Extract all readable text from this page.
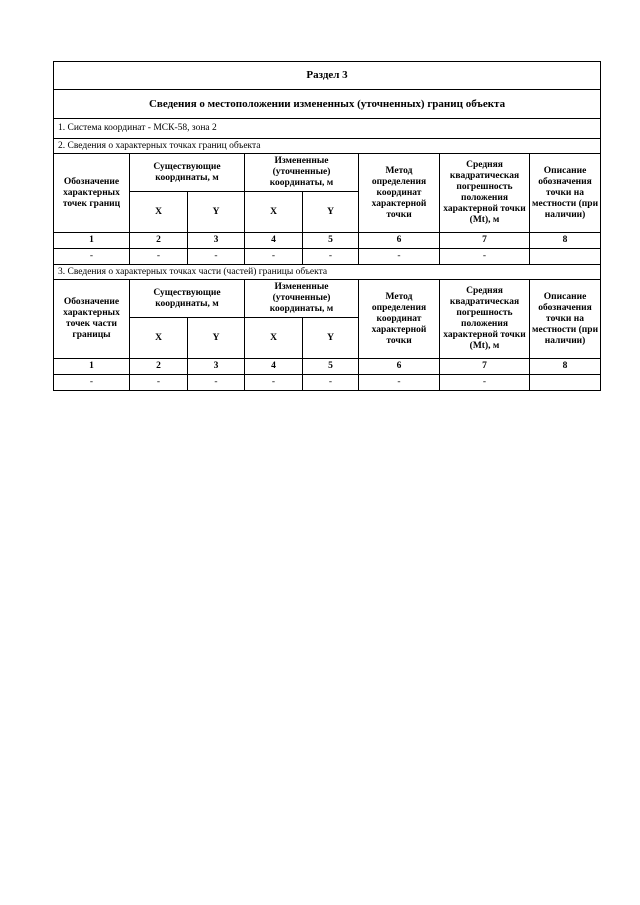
Раздел 3							
Сведения о местоположении измененных (уточненных) границ объекта							
1. Система координат - МСК-58, зона 2							
2. Сведения о характерных точках границ объекта							
Обозначение характерных точек границ	Существующие координаты, м		Измененные (уточненные) координаты, м		Метод определения координат характерной точки	Средняя квадратическая погрешность положения характерной точки (Mt), м	Описание обозначения точки на местности (при наличии)
	X	Y	X	Y			
1	2	3	4	5	6	7	8
-	-	-	-	-	-	-	
3. Сведения о характерных точках части (частей) границы объекта							
Обозначение характерных точек части границы	Существующие координаты, м		Измененные (уточненные) координаты, м		Метод определения координат характерной точки	Средняя квадратическая погрешность положения характерной точки (Mt), м	Описание обозначения точки на местности (при наличии)
	X	Y	X	Y			
1	2	3	4	5	6	7	8
-	-	-	-	-	-	-	
